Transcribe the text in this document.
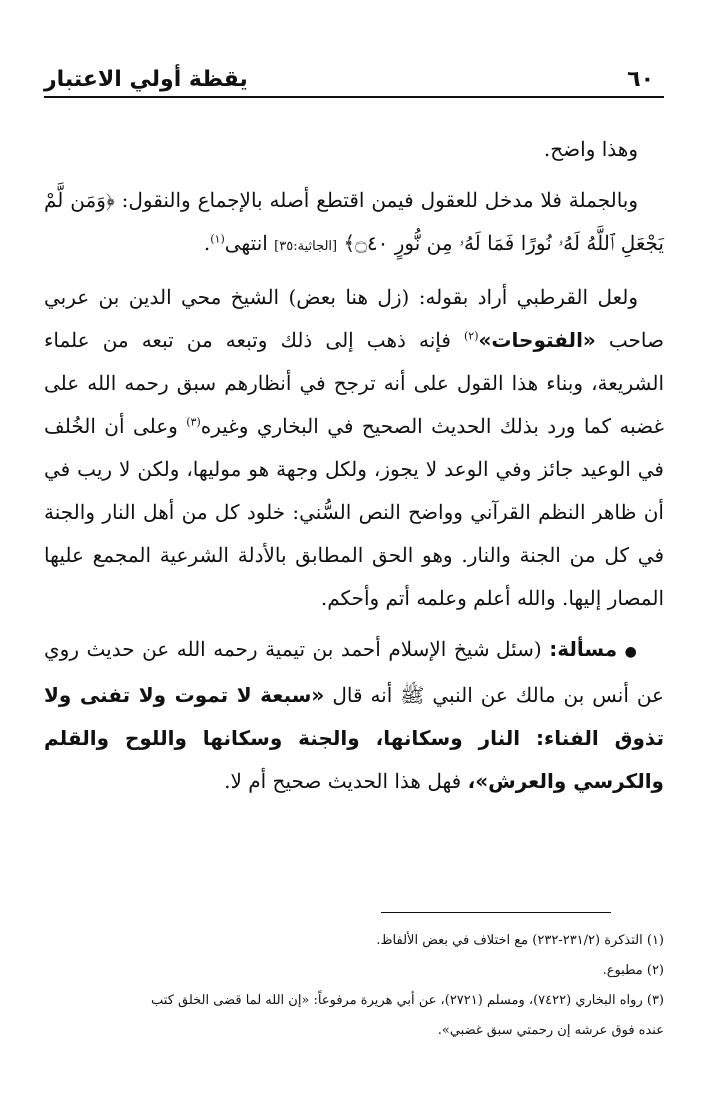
٦٠
يقظة أولي الاعتبار

وهذا واضح.

وبالجملة فلا مدخل للعقول فيمن اقتطع أصله بالإجماع والنقول: ﴿وَمَن لَّمْ يَجْعَلِ ٱللَّهُ لَهُۥ نُورًا فَمَا لَهُۥ مِن نُّورٍ ۝٤٠﴾ [الجاثية:٣٥] انتهى$^{(١)}$.

ولعل القرطبي أراد بقوله: (زل هنا بعض) الشيخ محي الدين بن عربي صاحب «الفتوحات»$^{(٢)}$ فإنه ذهب إلى ذلك وتبعه من تبعه من علماء الشريعة، وبناء هذا القول على أنه ترجح في أنظارهم سبق رحمه الله على غضبه كما ورد بذلك الحديث الصحيح في البخاري وغيره$^{(٣)}$ وعلى أن الخُلف في الوعيد جائز وفي الوعد لا يجوز، ولكل وجهة هو موليها، ولكن لا ريب في أن ظاهر النظم القرآني وواضح النص السُّني: خلود كل من أهل النار والجنة في كل من الجنة والنار. وهو الحق المطابق بالأدلة الشرعية المجمع عليها المصار إليها. والله أعلم وعلمه أتم وأحكم.

● مسألة: (سئل شيخ الإسلام أحمد بن تيمية رحمه الله عن حديث روي عن أنس بن مالك عن النبي ﷺ أنه قال «سبعة لا تموت ولا تفنى ولا تذوق الفناء: النار وسكانها، والجنة وسكانها واللوح والقلم والكرسي والعرش»، فهل هذا الحديث صحيح أم لا.

(١) التذكرة (٢٣١/٢-٢٣٢) مع اختلاف في بعض الألفاظ.
(٢) مطبوع.
(٣) رواه البخاري (٧٤٢٢)، ومسلم (٢٧٢١)، عن أبي هريرة مرفوعاً: «إن الله لما قضى الخلق كتب
عنده فوق عرشه إن رحمتي سبق غضبي».
